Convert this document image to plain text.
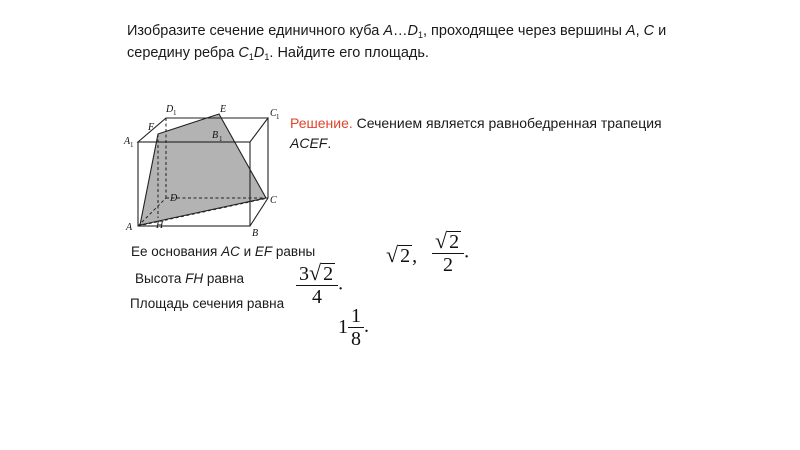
Изобразите сечение единичного куба $A\dots D_1$, проходящее через вершины A, C и середину ребра $C_1D_1$. Найдите его площадь.
A
B
C
D
H
A 1
C 1
D 1	E
F
B 1
Решение. Сечением является равнобедренная трапеция
ACEF.
Ее основания AC и EF равны
Высота FH равна
Площадь сечения равна
√ 2 , $\frac{√ 2}{2}$ .
$\frac{3√ 2}{4}$ .
$1 \frac{1}{8}$ .
